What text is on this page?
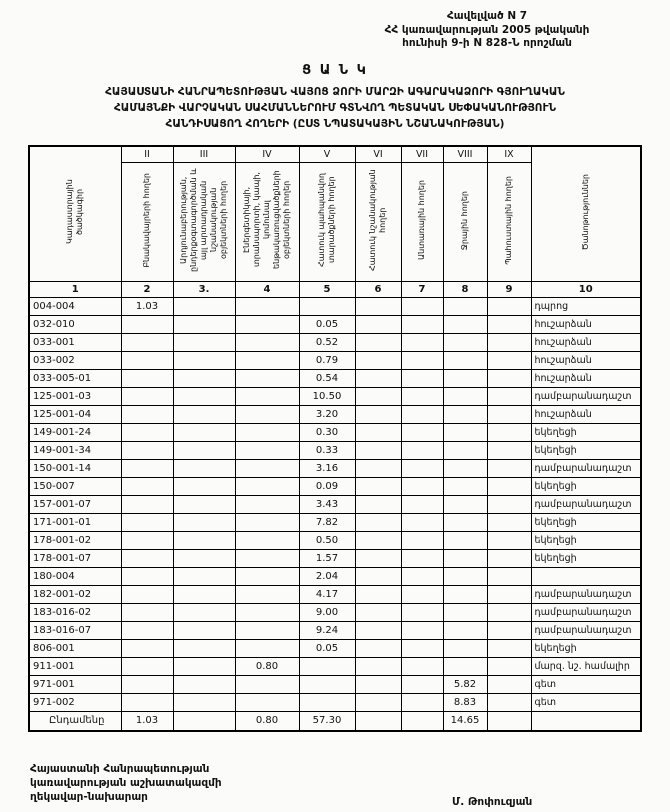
Հավելված N 7
ՀՀ կառավարության 2005 թվականի
հունիսի 9-ի N 828-Ն որոշման
Ց Ա Ն Կ
ՀԱՅԱՍՏԱՆԻ ՀԱՆՐԱՊԵՏՈՒԹՅԱՆ ՎԱՅՈՑ ՁՈՐԻ ՄԱՐԶԻ ԱԳԱՐԱԿԱՁՈՐԻ ԳՅՈՒՂԱԿԱՆ
ՀԱՄԱՅՆՔԻ ՎԱՐՉԱԿԱՆ ՍԱՀՄԱՆՆԵՐՈՒՄ ԳՏՆՎՈՂ ՊԵՏԱԿԱՆ ՍԵՓԱԿԱՆՈՒԹՅՈՒՆ
ՀԱՆԴԻՍԱՑՈՂ ՀՈՂԵՐԻ (ԸՍՏ ՆՊԱՏԱԿԱՅԻՆ ՆՇԱՆԱԿՈՒԹՅԱՆ)
Կադաստրային ծածկագիր	II	III	IV	V	VI	VII	VIII	IX	Ծանոթություններ
	Բնակավայրերի հողեր	Արդյունաբերության, ընդերքօգտագործման և այլ արտադրական նշանակության օբյեկտների հողեր	Էներգետիկայի, տրանսպորտի, կապի, կոմունալ ենթակառուցվածքների օբյեկտների հողեր	Հատուկ պահպանվող տարածքների հողեր	Հատուկ նշանակության հողեր	Անտառային հողեր	Ջրային հողեր	Պահուստային հողեր	
1	2	3.	4	5	6	7	8	9	10
004-004	1.03								դպրոց
032-010				0.05					հուշարձան
033-001				0.52					հուշարձան
033-002				0.79					հուշարձան
033-005-01				0.54					հուշարձան
125-001-03				10.50					դամբարանադաշտ
125-001-04				3.20					հուշարձան
149-001-24				0.30					եկեղեցի
149-001-34				0.33					եկեղեցի
150-001-14				3.16					դամբարանադաշտ
150-007				0.09					եկեղեցի
157-001-07				3.43					դամբարանադաշտ
171-001-01				7.82					եկեղեցի
178-001-02				0.50					եկեղեցի
178-001-07				1.57					եկեղեցի
180-004				2.04					
182-001-02				4.17					դամբարանադաշտ
183-016-02				9.00					դամբարանադաշտ
183-016-07				9.24					դամբարանադաշտ
806-001				0.05					եկեղեցի
911-001			0.80						մարզ. նշ. համալիր
971-001							5.82		գետ
971-002							8.83		գետ
Ընդամենը	1.03		0.80	57.30			14.65		
Հայաստանի Հանրապետության
կառավարության աշխատակազմի
ղեկավար-նախարար	Մ. Թոփուզյան
